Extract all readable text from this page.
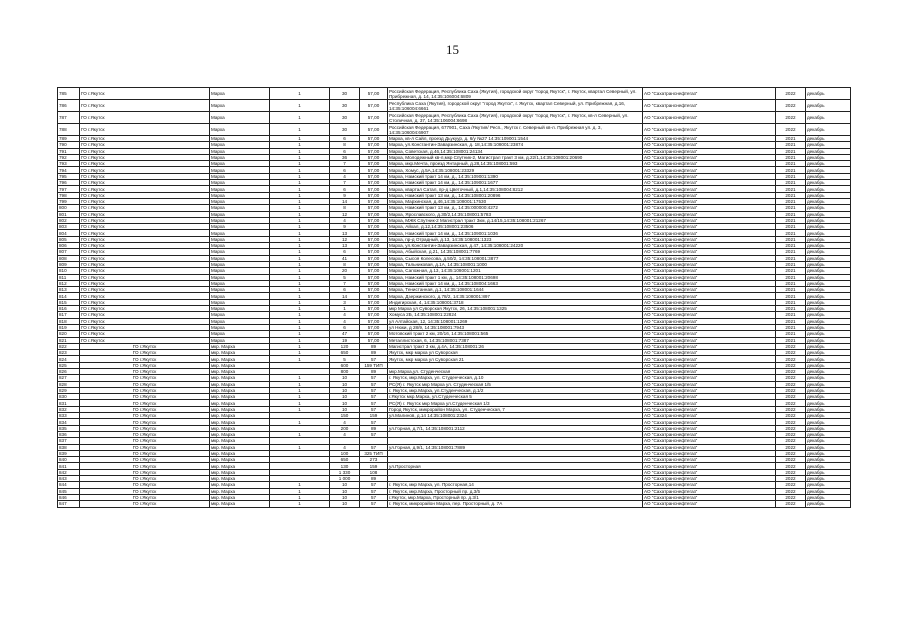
15
785	ГО г.Якутск	Марха	1	30	57,00	Российская Федерация, Республика Саха (Якутия), городской округ "город Якутск", г. Якутск, квартал Северный, ул. Прибрежная, д. 14, 14:35:106004:6809	АО "Сахатранснефтегаз"	2022	декабрь
786	ГО г.Якутск	Марха	1	30	57,00	Республика Саха (Якутия), городской округ "город Якутск", г. Якутск, квартал Северный, ул. Прибрежная, д.16, 14:35:106004:6661	АО "Сахатранснефтегаз"	2022	декабрь
787	ГО г.Якутск	Марха	1	30	57,00	Российская Федерация, Республика Саха (Якутия), городской округ "город Якутск", г. Якутск, кв-л Северный, ул. Столичная, д. 37, 14:35:106004:6698	АО "Сахатранснефтегаз"	2022	декабрь
788	ГО г.Якутск	Марха	1	30	57,00	Российская Федерация, 677901, Саха /Якутия/ Респ., Якутск г. Северный кв-л. Прибрежная ул. д. 3, 14:35:106004:6907	АО "Сахатранснефтегаз"	2022	декабрь
789	ГО г.Якутск	Марха	1	6	57,00	Марха, кв-л Сайл, проезд Дьукуур, д. 6/у №27 14:35:109001:1544	АО "Сахатранснефтегаз"	2021	декабрь
790	ГО г.Якутск	Марха	1	8	57,00	Марха, ул.Константин-Заварзинская, д. 18,14:35:108001:23874	АО "Сахатранснефтегаз"	2021	декабрь
791	ГО г.Якутск	Марха	1	6	57,00	Марха, Советская, д.46,14:35:108001:24134	АО "Сахатранснефтегаз"	2021	декабрь
792	ГО г.Якутск	Марха	1	36	57,00	Марха, Молодежный кв-л,мкр Спутник-2, Магистрал тракт 3 км, д.22/1,14:35:108001:20690	АО "Сахатранснефтегаз"	2021	декабрь
793	ГО г.Якутск	Марха	1	7	57,00	Марха, мкр.Мечта, проезд Янтарный, д.28,14:35:108001:593	АО "Сахатранснефтегаз"	2021	декабрь
794	ГО г.Якутск	Марха	1	6	57,00	Марха, Хомус, д.5А,14:35:108001:23329	АО "Сахатранснефтегаз"	2021	декабрь
795	ГО г.Якутск	Марха	1	4	57,00	Марха, Намский тракт 14 км, д., 14:35:109001:1390	АО "Сахатранснефтегаз"	2021	декабрь
796	ГО г.Якутск	Марха	1	7	57,00	Марха, Намский тракт 14 км, д., 14:35:109001:1677	АО "Сахатранснефтегаз"	2021	декабрь
797	ГО г.Якутск	Марха	1	6	57,00	Марха, квартал Сатал, пр-д Цветочный, д.1,14:35:108004:8212	АО "Сахатранснефтегаз"	2021	декабрь
798	ГО г.Якутск	Марха	1	9	57,00	Марха, Намский тракт 13 км, д., 14:35:108001:20896	АО "Сахатранснефтегаз"	2021	декабрь
799	ГО г.Якутск	Марха	1	14	57,00	Марха, Мархинская, д.46,14:35:108001:17530	АО "Сахатранснефтегаз"	2021	декабрь
800	ГО г.Якутск	Марха	1	8	57,00	Марха, Намский тракт 13 км, д., 14:35:000000:4272	АО "Сахатранснефтегаз"	2021	декабрь
801	ГО г.Якутск	Марха	1	12	57,00	Марха, Ярославского, д.30/2,14:35:108001:5783	АО "Сахатранснефтегаз"	2021	декабрь
802	ГО г.Якутск	Марха	1	4	57,00	Марха, МЖК Спутник-2 Магистрал тракт 3км, д.14/15,14:35:108001:21267	АО "Сахатранснефтегаз"	2021	декабрь
803	ГО г.Якутск	Марха	1	9	57,00	Марха, Айхал, д.12,14:35:108001:23506	АО "Сахатранснефтегаз"	2021	декабрь
804	ГО г.Якутск	Марха	1	13	57,00	Марха, Намский тракт 14 км, д., 14:35:109001:1036	АО "Сахатранснефтегаз"	2021	декабрь
805	ГО г.Якутск	Марха	1	12	57,00	Марха, пр-д Отрадный, д.13, 14:35:108001:1323	АО "Сахатранснефтегаз"	2021	декабрь
806	ГО г.Якутск	Марха	1	13	57,00	Марха, ул.Константин-Заварзинская, д.47, 14:35:108001:24220	АО "Сахатранснефтегаз"	2021	декабрь
807	ГО г.Якутск	Марха	1	6	57,00	Марха, Абыйская, д.21, 14:35:108001:7769	АО "Сахатранснефтегаз"	2021	декабрь
808	ГО г.Якутск	Марха	1	41	57,00	Марха, Сысоя Колесова, д.50/2, 14:35:108001:3877	АО "Сахатранснефтегаз"	2021	декабрь
809	ГО г.Якутск	Марха	1	8	57,00	Марха, Тальниковая, д.1А, 14:35:108001:1000	АО "Сахатранснефтегаз"	2021	декабрь
810	ГО г.Якутск	Марха	1	20	57,00	Марха, Сапожная, д.13, 14:35:108001:1201	АО "Сахатранснефтегаз"	2021	декабрь
811	ГО г.Якутск	Марха	1	5	57,00	Марха, Намский тракт 1 км, д., 14:35:108001:20698	АО "Сахатранснефтегаз"	2021	декабрь
812	ГО г.Якутск	Марха	1	7	57,00	Марха, Намский тракт 14 км, д., 14:35:108004:1663	АО "Сахатранснефтегаз"	2021	декабрь
813	ГО г.Якутск	Марха	1	6	57,00	Марха, Тенистанная, д.1, 14:35:108001:1644	АО "Сахатранснефтегаз"	2021	декабрь
814	ГО г.Якутск	Марха	1	14	57,00	Марха, Дзержинского, д.78/2, 14:35:108001:897	АО "Сахатранснефтегаз"	2021	декабрь
815	ГО г.Якутск	Марха	1	3	57,00	Индигирская, 4, 14:35:108001:3718	АО "Сахатранснефтегаз"	2021	декабрь
816	ГО г.Якутск	Марха	1	1	57,00	мкр Марха ул Суворская Якутск, 26, 14:35:108001:1325	АО "Сахатранснефтегаз"	2021	декабрь
817	ГО г.Якутск	Марха	1	4	57,00	Хомуса 2Б, 14:35:108001:22824	АО "Сахатранснефтегаз"	2021	декабрь
818	ГО г.Якутск	Марха	1	4	57,00	ул Алтайская, 12, 14:35:108001:1269	АО "Сахатранснефтегаз"	2021	декабрь
819	ГО г.Якутск	Марха	1	6	57,00	ул Нюки, д 28/9, 14:35:108001:7943	АО "Сахатранснефтегаз"	2021	декабрь
820	ГО г.Якутск	Марха	1	47	57,00	Мотовский тракт 2 км, 20/16, 14:35:108001:565	АО "Сахатранснефтегаз"	2021	декабрь
821	ГО г.Якутск	Марха	1	19	57,00	Металлистская, 6, 14:35:108001:7387	АО "Сахатранснефтегаз"	2021	декабрь
822	ГО г.Якутск	мкр. Марха	1	120	89	Магистрал тракт 3 км, д.4А, 14:35:108001:26	АО "Сахатранснефтегаз"	2022	декабрь
823	ГО г.Якутск	мкр. Марха	1	650	89	Якутск, мкр марха ул Суворская	АО "Сахатранснефтегаз"	2022	декабрь
824	ГО г.Якутск	мкр. Марха	1	5	57	Якутск, мкр марха ул Суворская 21	АО "Сахатранснефтегаз"	2022	декабрь
825	ГО г.Якутск	мкр. Марха		600	159 ТИП		АО "Сахатранснефтегаз"	2022	декабрь
826	ГО г.Якутск	мкр. Марха		800	89	мкр.Марха,ул. Студенческая	АО "Сахатранснефтегаз"	2022	декабрь
827	ГО г.Якутск	мкр. Марха	1	10	57	г. Якутск, мкр.Марха, ул. Студенческая, д.10	АО "Сахатранснефтегаз"	2022	декабрь
828	ГО г.Якутск	мкр. Марха	1	10	57	РС(Я) г. Якутск мкр Марха ул. Студенческая 1/5	АО "Сахатранснефтегаз"	2022	декабрь
829	ГО г.Якутск	мкр. Марха	1	10	57	г. Якутск, мкр.Марха, ул.Студенческая, д.1/2	АО "Сахатранснефтегаз"	2022	декабрь
830	ГО г.Якутск	мкр. Марха	1	10	57	г.Якутск мкр.Марха, ул.Студенческая 5	АО "Сахатранснефтегаз"	2022	декабрь
831	ГО г.Якутск	мкр. Марха	1	10	57	РС(Я) г. Якутск мкр Марха ул.Студенческая 1/3	АО "Сахатранснефтегаз"	2022	декабрь
832	ГО г.Якутск	мкр. Марха	1	10	57	Город Якутск, микрорайон Марха, ул. Студенческая, 7	АО "Сахатранснефтегаз"	2022	декабрь
833	ГО г.Якутск	мкр. Марха		150	159	ул.Малинов, д.14 14:35:108001:2324	АО "Сахатранснефтегаз"	2022	декабрь
834	ГО г.Якутск	мкр. Марха	1	4	57		АО "Сахатранснефтегаз"	2022	декабрь
835	ГО г.Якутск	мкр. Марха		200	89	ул.Горная, д.7/1, 14:35:108001:2112	АО "Сахатранснефтегаз"	2022	декабрь
836	ГО г.Якутск	мкр. Марха	1	4	57		АО "Сахатранснефтегаз"	2022	декабрь
837	ГО г.Якутск	мкр. Марха					АО "Сахатранснефтегаз"	2022	декабрь
838	ГО г.Якутск	мкр. Марха	1	4	57	ул.Горная, д.9/1, 14:35:108001:7889	АО "Сахатранснефтегаз"	2022	декабрь
839	ГО г.Якутск	мкр. Марха		100	325 ТИП		АО "Сахатранснефтегаз"	2022	декабрь
840	ГО г.Якутск	мкр. Марха		650	273		АО "Сахатранснефтегаз"	2022	декабрь
841	ГО г.Якутск	мкр. Марха		130	159	ул.Просторная	АО "Сахатранснефтегаз"	2022	декабрь
842	ГО г.Якутск	мкр. Марха		1 330	108		АО "Сахатранснефтегаз"	2022	декабрь
843	ГО г.Якутск	мкр. Марха		1 000	89		АО "Сахатранснефтегаз"	2022	декабрь
844	ГО г.Якутск	мкр. Марха	1	10	57	г. Якутск, мкр Марха, ул. Просторная,14	АО "Сахатранснефтегаз"	2022	декабрь
845	ГО г.Якутск	мкр. Марха	1	10	57	г. Якутск, мкр.Марха, Просторный пр. д.3/5	АО "Сахатранснефтегаз"	2022	декабрь
846	ГО г.Якутск	мкр. Марха	1	10	57	г.Якутск, мкр.Марха, Просторный пр. д.3/1	АО "Сахатранснефтегаз"	2022	декабрь
847	ГО г.Якутск	мкр. Марха	1	10	57	г. Якутск, микрорайон Марха, пер. Просторный, д. 7А	АО "Сахатранснефтегаз"	2022	декабрь
